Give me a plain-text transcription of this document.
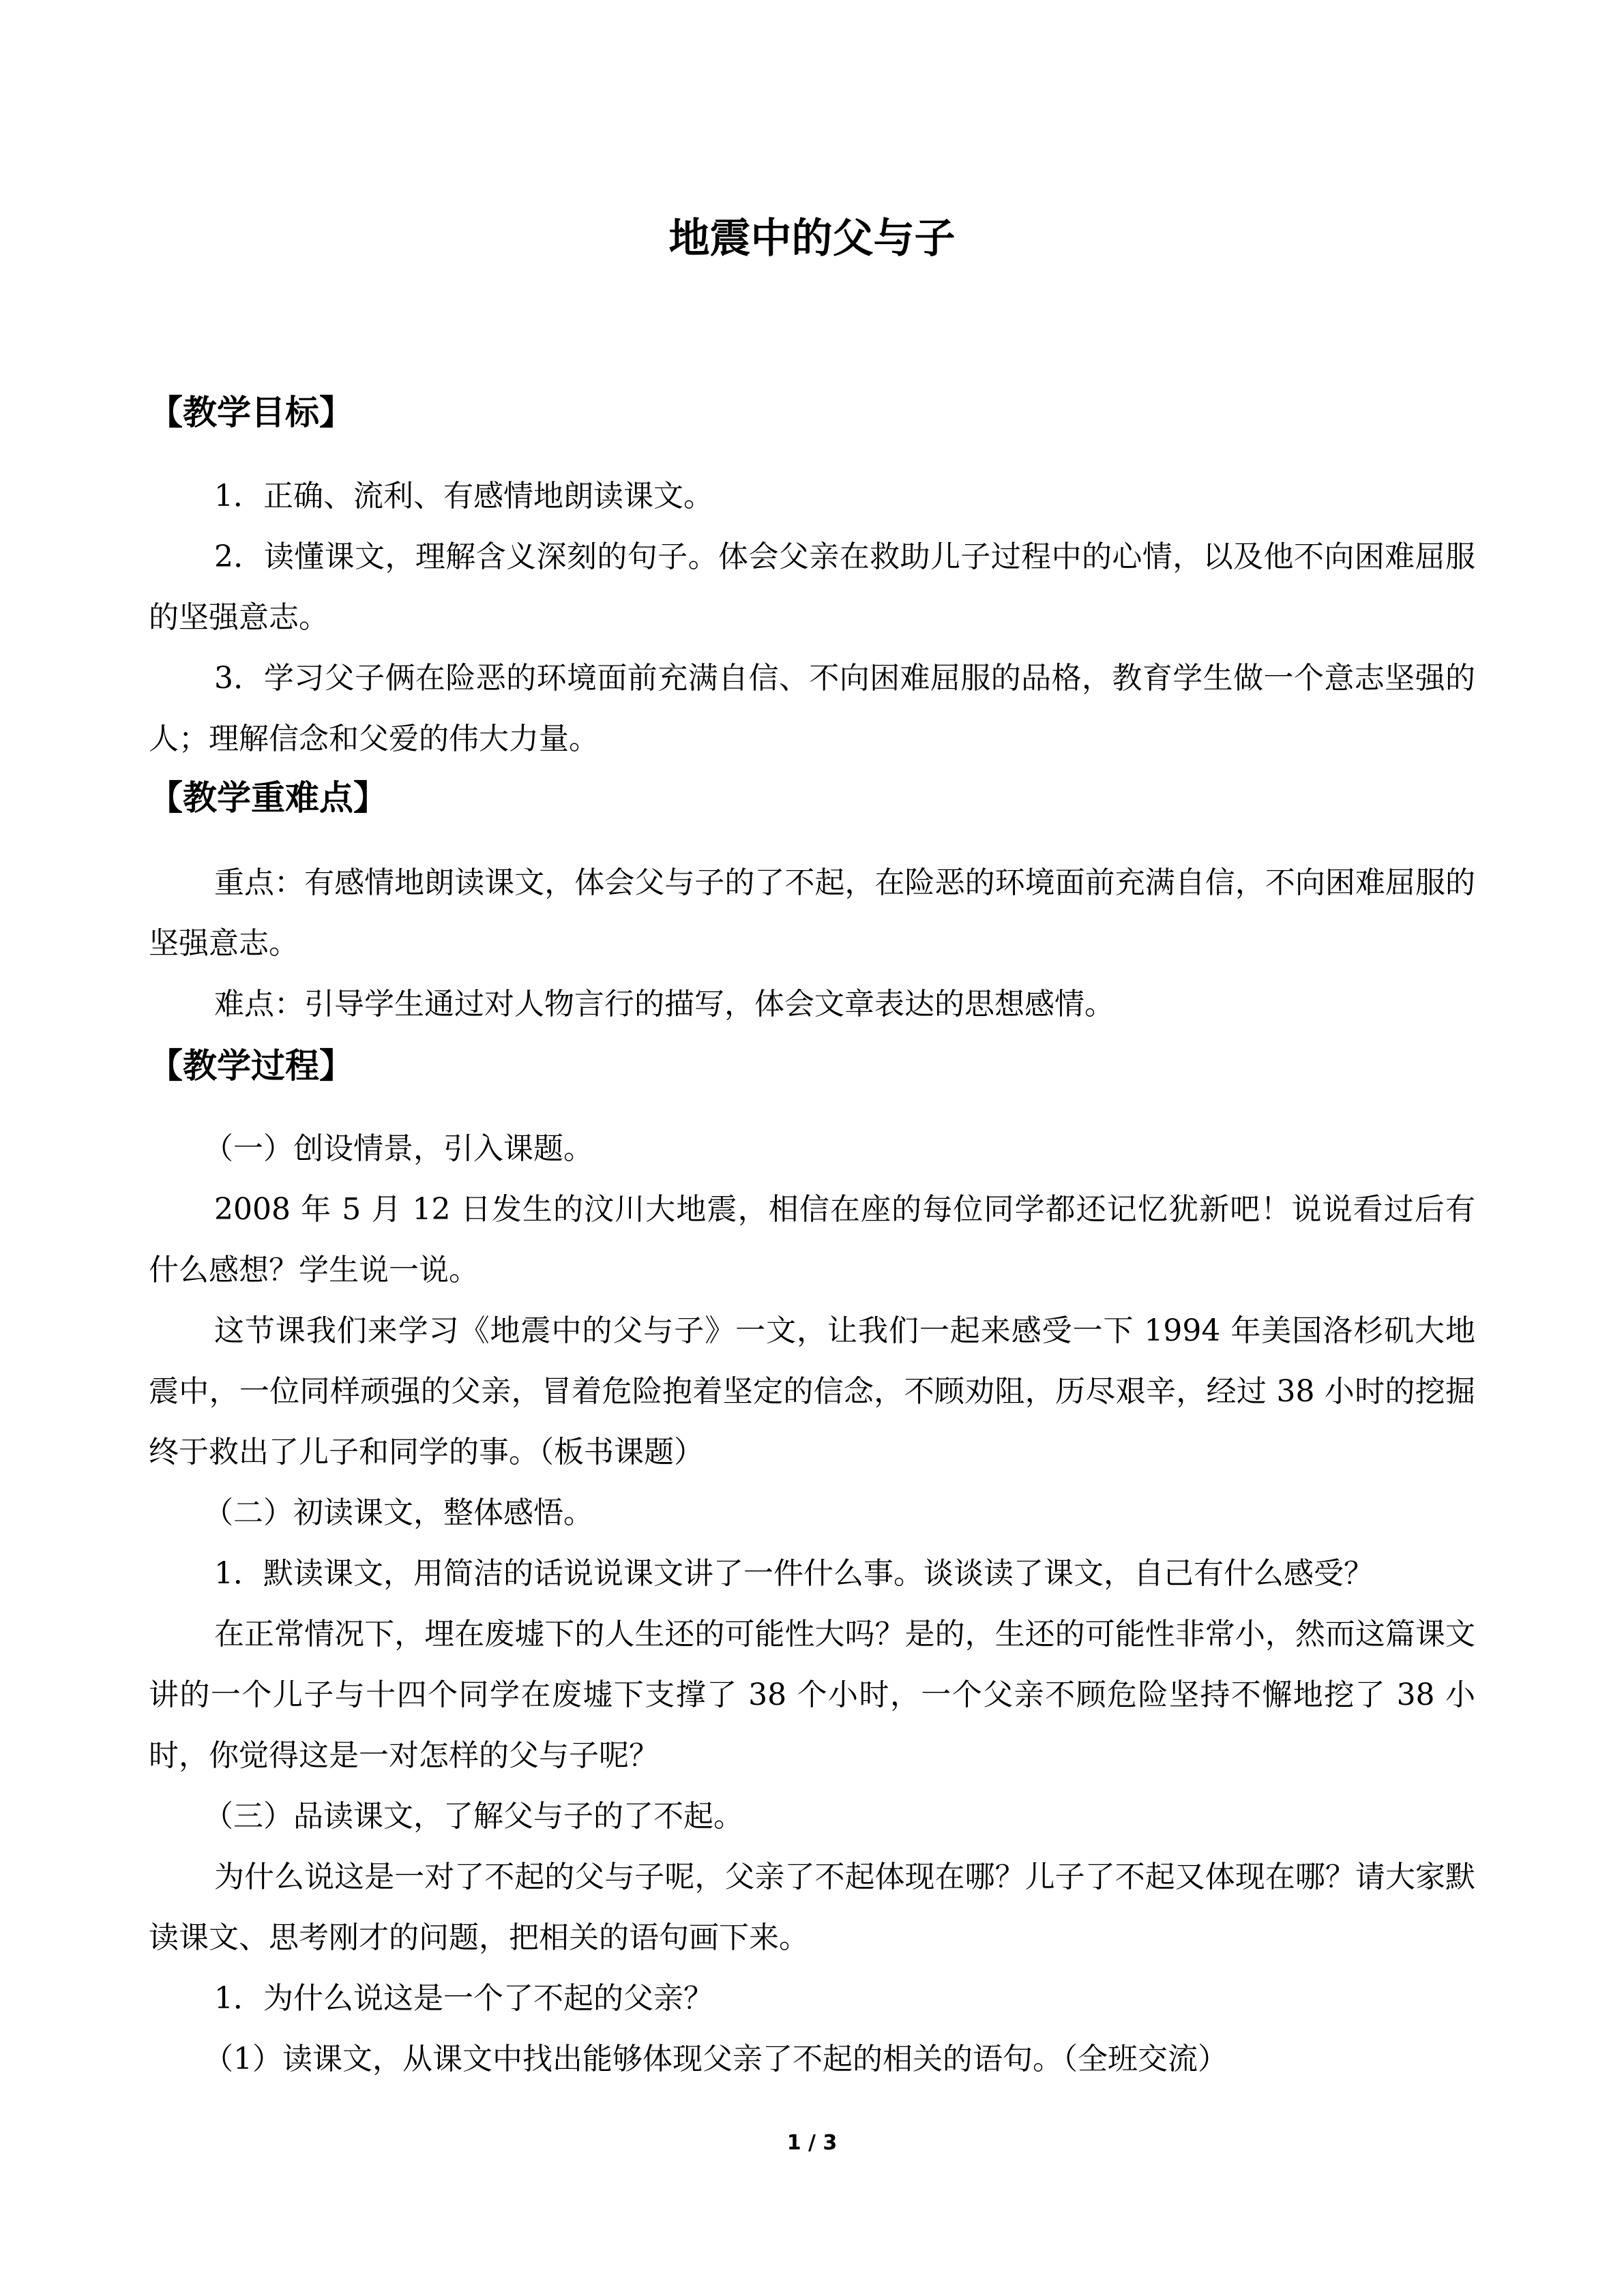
地震中的父与子
【教学目标】
1．正确、流利、有感情地朗读课文。
2．读懂课文，理解含义深刻的句子。体会父亲在救助儿子过程中的心情，以及他不向困难屈服的坚强意志。
3．学习父子俩在险恶的环境面前充满自信、不向困难屈服的品格，教育学生做一个意志坚强的人；理解信念和父爱的伟大力量。
【教学重难点】
重点：有感情地朗读课文，体会父与子的了不起，在险恶的环境面前充满自信，不向困难屈服的坚强意志。
难点：引导学生通过对人物言行的描写，体会文章表达的思想感情。
【教学过程】
（一）创设情景，引入课题。
2008 年 5 月 12 日发生的汶川大地震，相信在座的每位同学都还记忆犹新吧！说说看过后有什么感想？学生说一说。
这节课我们来学习《地震中的父与子》一文，让我们一起来感受一下 1994 年美国洛杉矶大地震中，一位同样顽强的父亲，冒着危险抱着坚定的信念，不顾劝阻，历尽艰辛，经过 38 小时的挖掘终于救出了儿子和同学的事。（板书课题）
（二）初读课文，整体感悟。
1．默读课文，用简洁的话说说课文讲了一件什么事。谈谈读了课文，自己有什么感受？
在正常情况下，埋在废墟下的人生还的可能性大吗？是的，生还的可能性非常小，然而这篇课文讲的一个儿子与十四个同学在废墟下支撑了 38 个小时，一个父亲不顾危险坚持不懈地挖了 38 小时，你觉得这是一对怎样的父与子呢？
（三）品读课文，了解父与子的了不起。
为什么说这是一对了不起的父与子呢，父亲了不起体现在哪？儿子了不起又体现在哪？请大家默读课文、思考刚才的问题，把相关的语句画下来。
1．为什么说这是一个了不起的父亲？
（1）读课文，从课文中找出能够体现父亲了不起的相关的语句。（全班交流）
1 / 3
